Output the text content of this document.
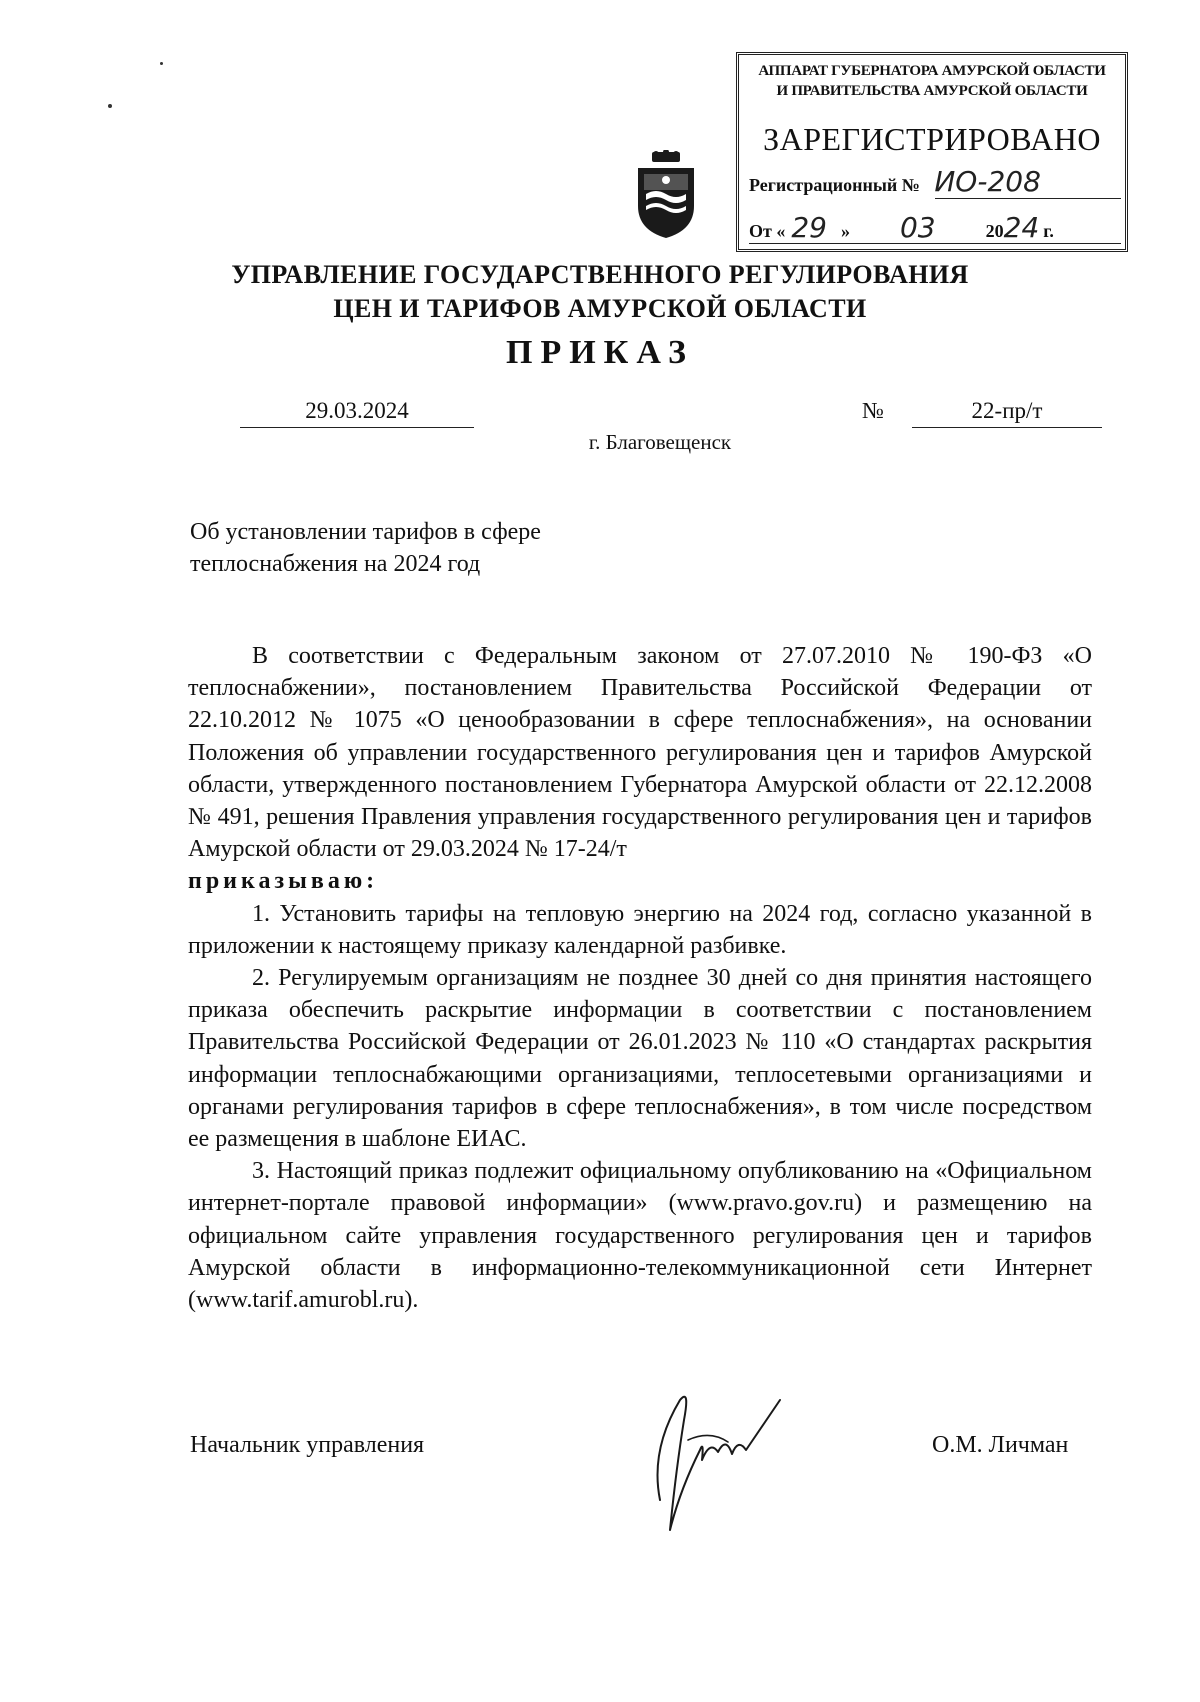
АППАРАТ ГУБЕРНАТОРА АМУРСКОЙ ОБЛАСТИ
И ПРАВИТЕЛЬСТВА АМУРСКОЙ ОБЛАСТИ
ЗАРЕГИСТРИРОВАНО
Регистрационный № ИО-208
От « 29 » 03	2024 г.
УПРАВЛЕНИЕ ГОСУДАРСТВЕННОГО РЕГУЛИРОВАНИЯ
ЦЕН И ТАРИФОВ АМУРСКОЙ ОБЛАСТИ
ПРИКАЗ
29.03.2024	№	22-пр/т
г. Благовещенск
Об установлении тарифов в сфере
теплоснабжения на 2024 год

В соответствии с Федеральным законом от 27.07.2010 № 190-ФЗ «О теплоснабжении», постановлением Правительства Российской Федерации от 22.10.2012 № 1075 «О ценообразовании в сфере теплоснабжения», на основании Положения об управлении государственного регулирования цен и тарифов Амурской области, утвержденного постановлением Губернатора Амурской области от 22.12.2008 № 491, решения Правления управления государственного регулирования цен и тарифов Амурской области от 29.03.2024 № 17-24/т

приказываю:

1. Установить тарифы на тепловую энергию на 2024 год, согласно указанной в приложении к настоящему приказу календарной разбивке.

2. Регулируемым организациям не позднее 30 дней со дня принятия настоящего приказа обеспечить раскрытие информации в соответствии с постановлением Правительства Российской Федерации от 26.01.2023 № 110 «О стандартах раскрытия информации теплоснабжающими организациями, теплосетевыми организациями и органами регулирования тарифов в сфере теплоснабжения», в том числе посредством ее размещения в шаблоне ЕИАС.

3. Настоящий приказ подлежит официальному опубликованию на «Официальном интернет-портале правовой информации» (www.pravo.gov.ru) и размещению на официальном сайте управления государственного регулирования цен и тарифов Амурской области в информационно-телекоммуникационной сети Интернет (www.tarif.amurobl.ru).

Начальник управления	О.М. Личман
